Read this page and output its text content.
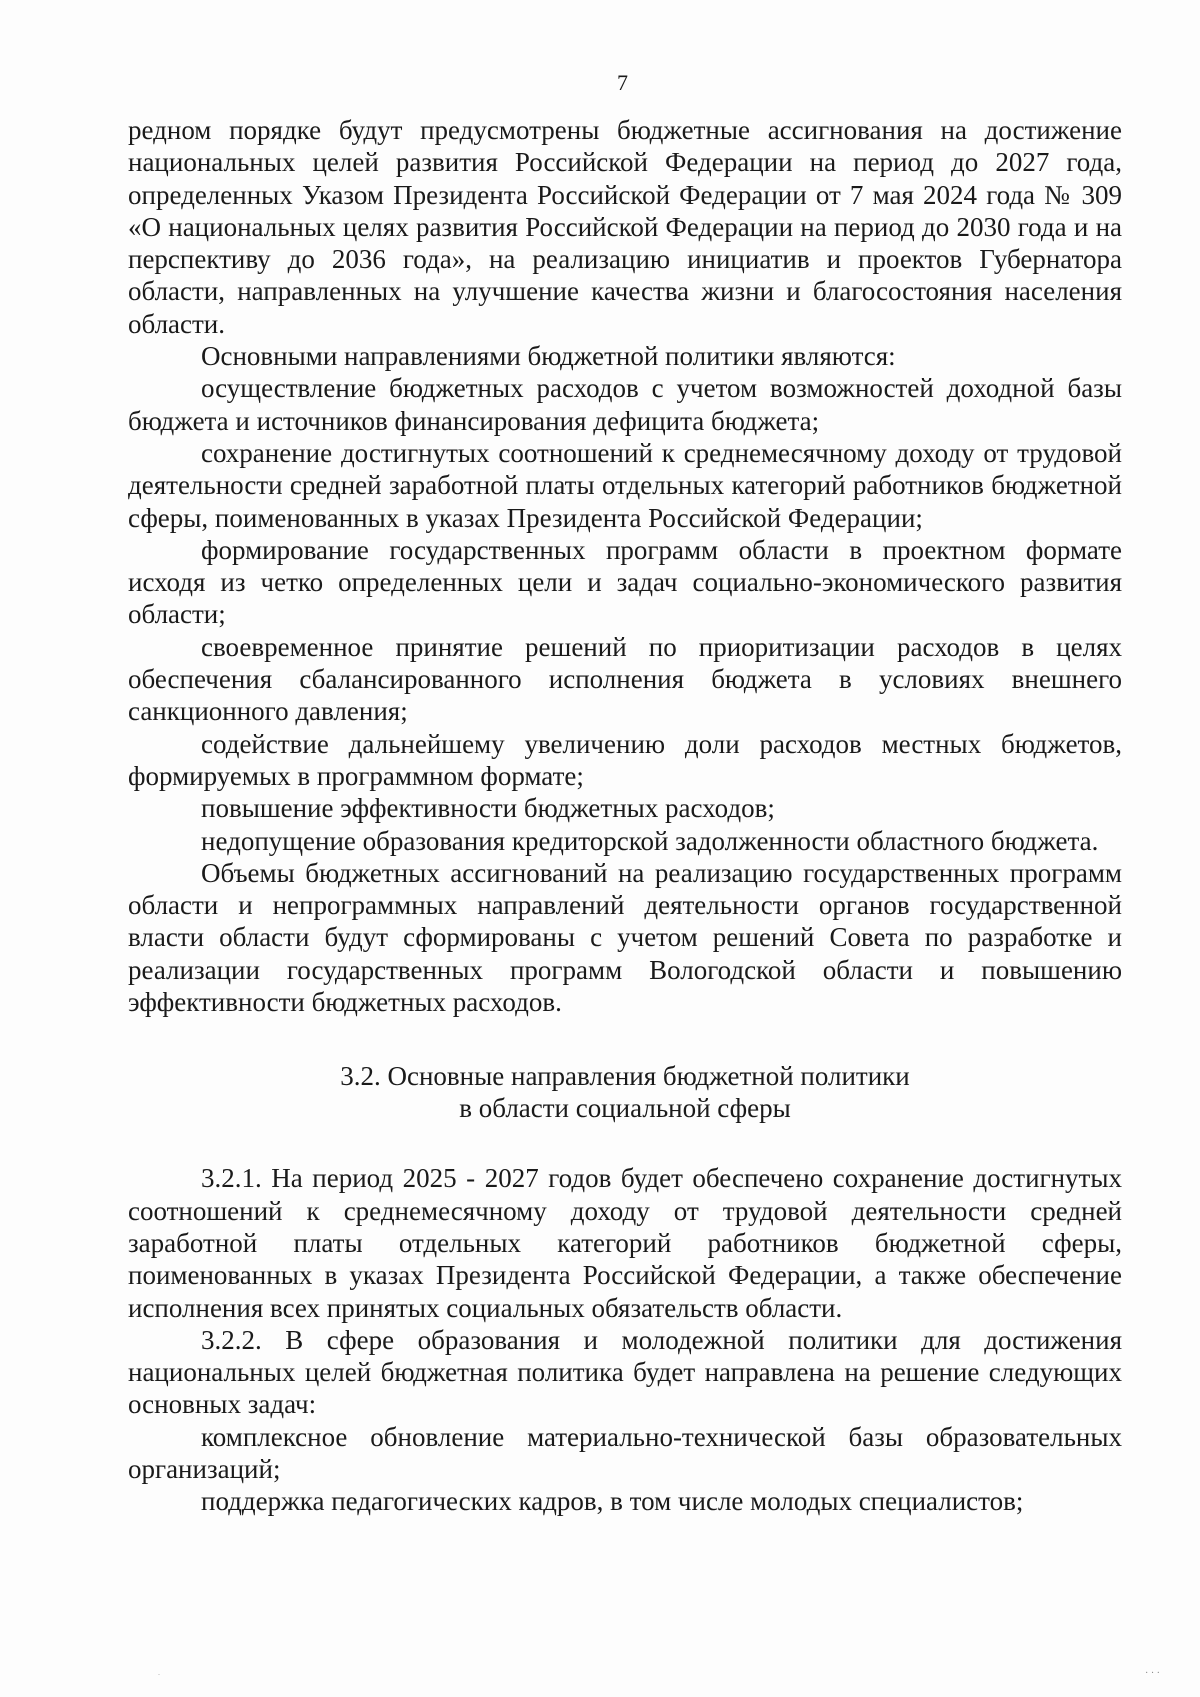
7

редном порядке будут предусмотрены бюджетные ассигнования на достижение национальных целей развития Российской Федерации на период до 2027 года, определенных Указом Президента Российской Федерации от 7 мая 2024 года № 309 «О национальных целях развития Российской Федерации на период до 2030 года и на перспективу до 2036 года», на реализацию инициатив и проектов Губернатора области, направленных на улучшение качества жизни и благосостояния населения области.

Основными направлениями бюджетной политики являются:

осуществление бюджетных расходов с учетом возможностей доходной базы бюджета и источников финансирования дефицита бюджета;

сохранение достигнутых соотношений к среднемесячному доходу от трудовой деятельности средней заработной платы отдельных категорий работников бюджетной сферы, поименованных в указах Президента Российской Федерации;

формирование государственных программ области в проектном формате исходя из четко определенных цели и задач социально-экономического развития области;

своевременное принятие решений по приоритизации расходов в целях обеспечения сбалансированного исполнения бюджета в условиях внешнего санкционного давления;

содействие дальнейшему увеличению доли расходов местных бюджетов, формируемых в программном формате;

повышение эффективности бюджетных расходов;

недопущение образования кредиторской задолженности областного бюджета.

Объемы бюджетных ассигнований на реализацию государственных программ области и непрограммных направлений деятельности органов государственной власти области будут сформированы с учетом решений Совета по разработке и реализации государственных программ Вологодской области и повышению эффективности бюджетных расходов.

3.2. Основные направления бюджетной политики
в области социальной сферы

3.2.1. На период 2025 - 2027 годов будет обеспечено сохранение достигнутых соотношений к среднемесячному доходу от трудовой деятельности средней заработной платы отдельных категорий работников бюджетной сферы, поименованных в указах Президента Российской Федерации, а также обеспечение исполнения всех принятых социальных обязательств области.

3.2.2. В сфере образования и молодежной политики для достижения национальных целей бюджетная политика будет направлена на решение следующих основных задач:

комплексное обновление материально-технической базы образовательных организаций;

поддержка педагогических кадров, в том числе молодых специалистов;

.	· · ·
